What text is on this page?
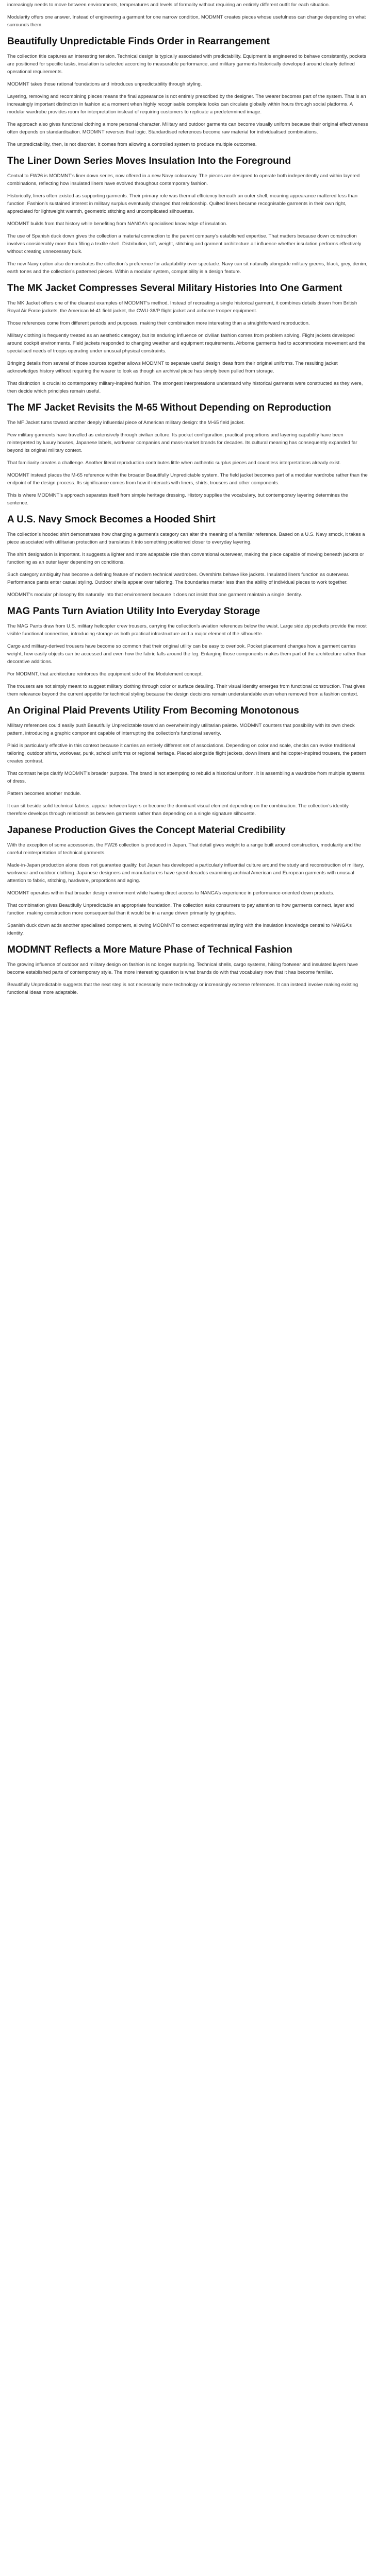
increasingly needs to move between environments, temperatures and levels of formality without requiring an entirely different outfit for each situation.

Modularity offers one answer. Instead of engineering a garment for one narrow condition, MODMNT creates pieces whose usefulness can change depending on what surrounds them.

Beautifully Unpredictable Finds Order in Rearrangement

The collection title captures an interesting tension. Technical design is typically associated with predictability. Equipment is engineered to behave consistently, pockets are positioned for specific tasks, insulation is selected according to measurable performance, and military garments historically developed around clearly defined operational requirements.

MODMNT takes those rational foundations and introduces unpredictability through styling.

Layering, removing and recombining pieces means the final appearance is not entirely prescribed by the designer. The wearer becomes part of the system. That is an increasingly important distinction in fashion at a moment when highly recognisable complete looks can circulate globally within hours through social platforms. A modular wardrobe provides room for interpretation instead of requiring customers to replicate a predetermined image.

The approach also gives functional clothing a more personal character. Military and outdoor garments can become visually uniform because their original effectiveness often depends on standardisation. MODMNT reverses that logic. Standardised references become raw material for individualised combinations.

The unpredictability, then, is not disorder. It comes from allowing a controlled system to produce multiple outcomes.

The Liner Down Series Moves Insulation Into the Foreground

Central to FW26 is MODMNT’s liner down series, now offered in a new Navy colourway. The pieces are designed to operate both independently and within layered combinations, reflecting how insulated liners have evolved throughout contemporary fashion.

Historically, liners often existed as supporting garments. Their primary role was thermal efficiency beneath an outer shell, meaning appearance mattered less than function. Fashion’s sustained interest in military surplus eventually changed that relationship. Quilted liners became recognisable garments in their own right, appreciated for lightweight warmth, geometric stitching and uncomplicated silhouettes.

MODMNT builds from that history while benefiting from NANGA’s specialised knowledge of insulation.

The use of Spanish duck down gives the collection a material connection to the parent company’s established expertise. That matters because down construction involves considerably more than filling a textile shell. Distribution, loft, weight, stitching and garment architecture all influence whether insulation performs effectively without creating unnecessary bulk.

The new Navy option also demonstrates the collection’s preference for adaptability over spectacle. Navy can sit naturally alongside military greens, black, grey, denim, earth tones and the collection’s patterned pieces. Within a modular system, compatibility is a design feature.

The MK Jacket Compresses Several Military Histories Into One Garment

The MK Jacket offers one of the clearest examples of MODMNT’s method. Instead of recreating a single historical garment, it combines details drawn from British Royal Air Force jackets, the American M-41 field jacket, the CWU-36/P flight jacket and airborne trooper equipment.

Those references come from different periods and purposes, making their combination more interesting than a straightforward reproduction.

Military clothing is frequently treated as an aesthetic category, but its enduring influence on civilian fashion comes from problem solving. Flight jackets developed around cockpit environments. Field jackets responded to changing weather and equipment requirements. Airborne garments had to accommodate movement and the specialised needs of troops operating under unusual physical constraints.

Bringing details from several of those sources together allows MODMNT to separate useful design ideas from their original uniforms. The resulting jacket acknowledges history without requiring the wearer to look as though an archival piece has simply been pulled from storage.

That distinction is crucial to contemporary military-inspired fashion. The strongest interpretations understand why historical garments were constructed as they were, then decide which principles remain useful.

The MF Jacket Revisits the M-65 Without Depending on Reproduction

The MF Jacket turns toward another deeply influential piece of American military design: the M-65 field jacket.

Few military garments have travelled as extensively through civilian culture. Its pocket configuration, practical proportions and layering capability have been reinterpreted by luxury houses, Japanese labels, workwear companies and mass-market brands for decades. Its cultural meaning has consequently expanded far beyond its original military context.

That familiarity creates a challenge. Another literal reproduction contributes little when authentic surplus pieces and countless interpretations already exist.

MODMNT instead places the M-65 reference within the broader Beautifully Unpredictable system. The field jacket becomes part of a modular wardrobe rather than the endpoint of the design process. Its significance comes from how it interacts with liners, shirts, trousers and other components.

This is where MODMNT’s approach separates itself from simple heritage dressing. History supplies the vocabulary, but contemporary layering determines the sentence.

A U.S. Navy Smock Becomes a Hooded Shirt

The collection’s hooded shirt demonstrates how changing a garment’s category can alter the meaning of a familiar reference. Based on a U.S. Navy smock, it takes a piece associated with utilitarian protection and translates it into something positioned closer to everyday layering.

The shirt designation is important. It suggests a lighter and more adaptable role than conventional outerwear, making the piece capable of moving beneath jackets or functioning as an outer layer depending on conditions.

Such category ambiguity has become a defining feature of modern technical wardrobes. Overshirts behave like jackets. Insulated liners function as outerwear. Performance pants enter casual styling. Outdoor shells appear over tailoring. The boundaries matter less than the ability of individual pieces to work together.

MODMNT’s modular philosophy fits naturally into that environment because it does not insist that one garment maintain a single identity.

MAG Pants Turn Aviation Utility Into Everyday Storage

The MAG Pants draw from U.S. military helicopter crew trousers, carrying the collection’s aviation references below the waist. Large side zip pockets provide the most visible functional connection, introducing storage as both practical infrastructure and a major element of the silhouette.

Cargo and military-derived trousers have become so common that their original utility can be easy to overlook. Pocket placement changes how a garment carries weight, how easily objects can be accessed and even how the fabric falls around the leg. Enlarging those components makes them part of the architecture rather than decorative additions.

For MODMNT, that architecture reinforces the equipment side of the Modulement concept.

The trousers are not simply meant to suggest military clothing through color or surface detailing. Their visual identity emerges from functional construction. That gives them relevance beyond the current appetite for technical styling because the design decisions remain understandable even when removed from a fashion context.

An Original Plaid Prevents Utility From Becoming Monotonous

Military references could easily push Beautifully Unpredictable toward an overwhelmingly utilitarian palette. MODMNT counters that possibility with its own check pattern, introducing a graphic component capable of interrupting the collection’s functional severity.

Plaid is particularly effective in this context because it carries an entirely different set of associations. Depending on color and scale, checks can evoke traditional tailoring, outdoor shirts, workwear, punk, school uniforms or regional heritage. Placed alongside flight jackets, down liners and helicopter-inspired trousers, the pattern creates contrast.

That contrast helps clarify MODMNT’s broader purpose. The brand is not attempting to rebuild a historical uniform. It is assembling a wardrobe from multiple systems of dress.

Pattern becomes another module.

It can sit beside solid technical fabrics, appear between layers or become the dominant visual element depending on the combination. The collection’s identity therefore develops through relationships between garments rather than depending on a single signature silhouette.

Japanese Production Gives the Concept Material Credibility

With the exception of some accessories, the FW26 collection is produced in Japan. That detail gives weight to a range built around construction, modularity and the careful reinterpretation of technical garments.

Made-in-Japan production alone does not guarantee quality, but Japan has developed a particularly influential culture around the study and reconstruction of military, workwear and outdoor clothing. Japanese designers and manufacturers have spent decades examining archival American and European garments with unusual attention to fabric, stitching, hardware, proportions and aging.

MODMNT operates within that broader design environment while having direct access to NANGA’s experience in performance-oriented down products.

That combination gives Beautifully Unpredictable an appropriate foundation. The collection asks consumers to pay attention to how garments connect, layer and function, making construction more consequential than it would be in a range driven primarily by graphics.

Spanish duck down adds another specialised component, allowing MODMNT to connect experimental styling with the insulation knowledge central to NANGA’s identity.

MODMNT Reflects a More Mature Phase of Technical Fashion

The growing influence of outdoor and military design on fashion is no longer surprising. Technical shells, cargo systems, hiking footwear and insulated layers have become established parts of contemporary style. The more interesting question is what brands do with that vocabulary now that it has become familiar.

Beautifully Unpredictable suggests that the next step is not necessarily more technology or increasingly extreme references. It can instead involve making existing functional ideas more adaptable.
